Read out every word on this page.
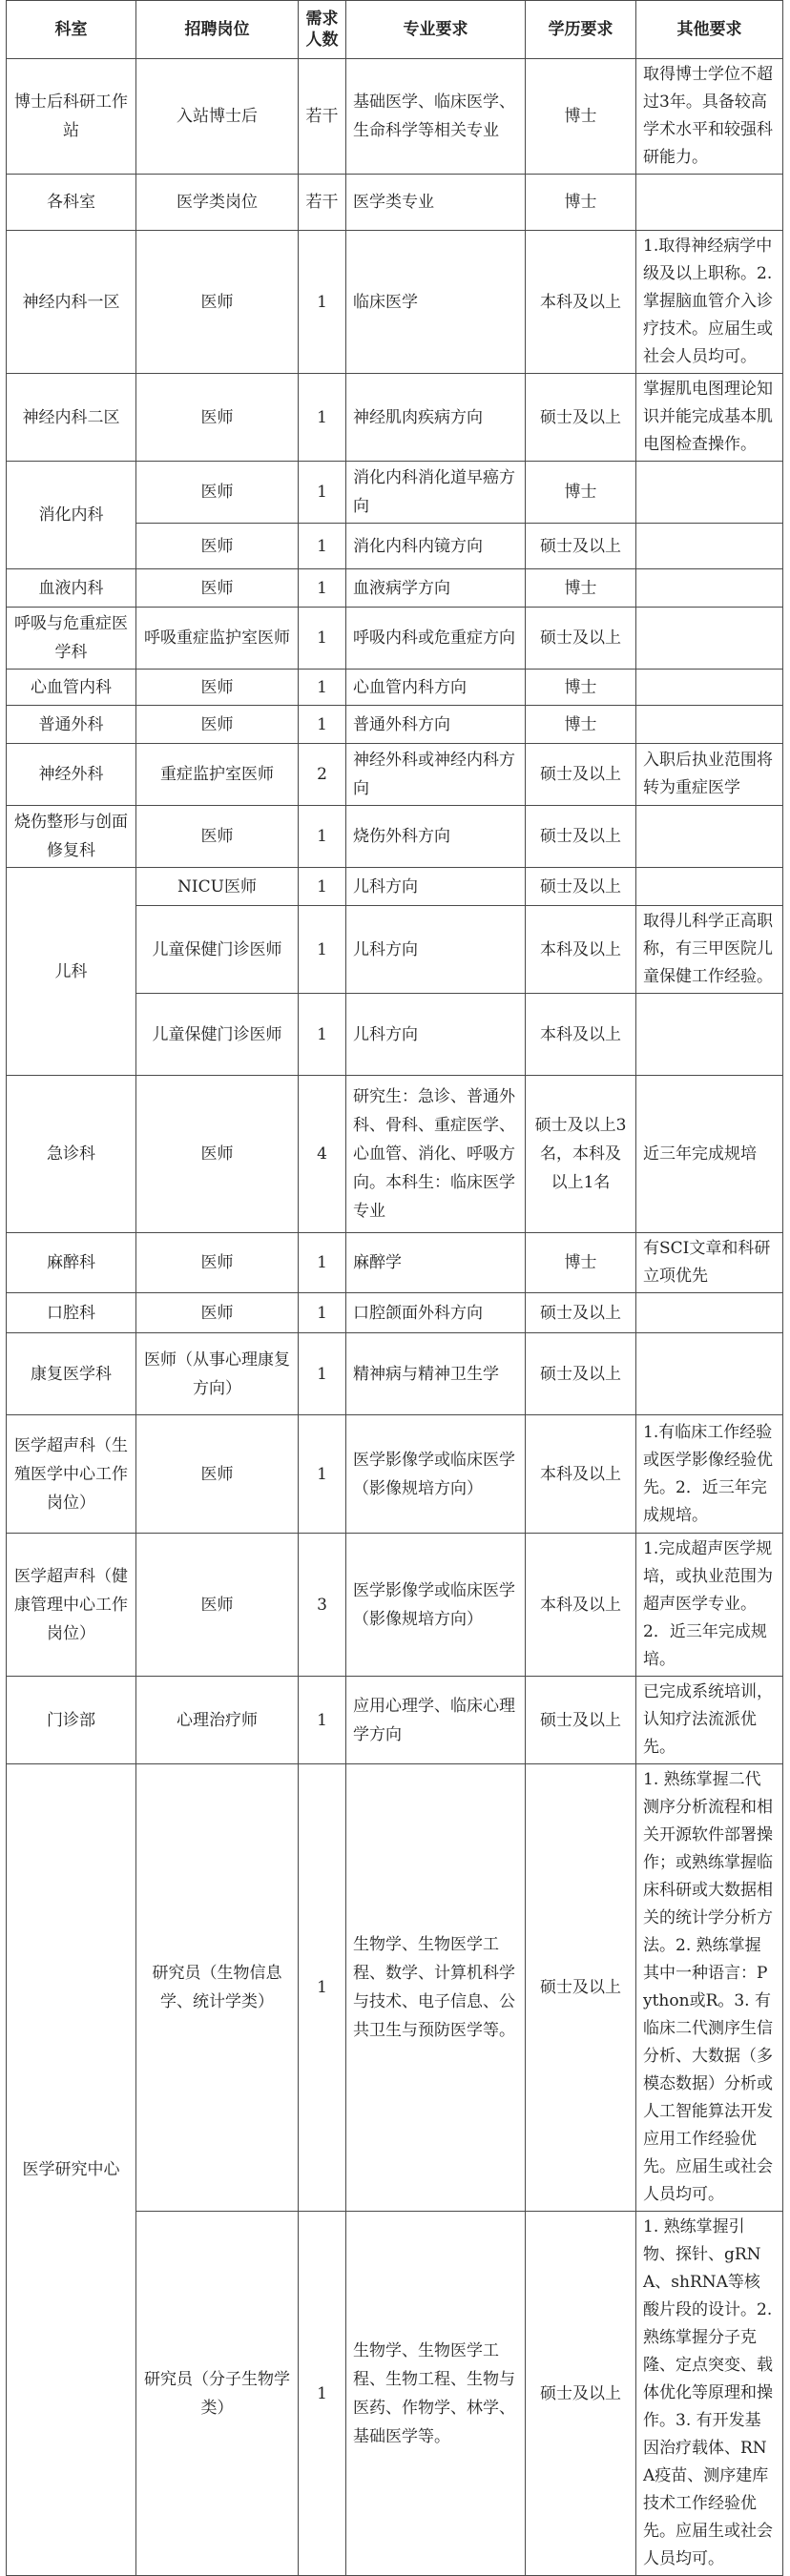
科室	招聘岗位	需求人数	专业要求	学历要求	其他要求
博士后科研工作站	入站博士后	若干	基础医学、临床医学、生命科学等相关专业	博士	取得博士学位不超过3年。具备较高学术水平和较强科研能力。
各科室	医学类岗位	若干	医学类专业	博士	
神经内科一区	医师	1	临床医学	本科及以上	1.取得神经病学中级及以上职称。2.掌握脑血管介入诊疗技术。应届生或社会人员均可。
神经内科二区	医师	1	神经肌肉疾病方向	硕士及以上	掌握肌电图理论知识并能完成基本肌电图检查操作。
消化内科	医师	1	消化内科消化道早癌方向	博士	
	医师	1	消化内科内镜方向	硕士及以上	
血液内科	医师	1	血液病学方向	博士	
呼吸与危重症医学科	呼吸重症监护室医师	1	呼吸内科或危重症方向	硕士及以上	
心血管内科	医师	1	心血管内科方向	博士	
普通外科	医师	1	普通外科方向	博士	
神经外科	重症监护室医师	2	神经外科或神经内科方向	硕士及以上	入职后执业范围将转为重症医学
烧伤整形与创面修复科	医师	1	烧伤外科方向	硕士及以上	
儿科	NICU医师	1	儿科方向	硕士及以上	
	儿童保健门诊医师	1	儿科方向	本科及以上	取得儿科学正高职称，有三甲医院儿童保健工作经验。
	儿童保健门诊医师	1	儿科方向	本科及以上	
急诊科	医师	4	研究生：急诊、普通外科、骨科、重症医学、心血管、消化、呼吸方向。本科生：临床医学专业	硕士及以上3名，本科及以上1名	近三年完成规培
麻醉科	医师	1	麻醉学	博士	有SCI文章和科研立项优先
口腔科	医师	1	口腔颌面外科方向	硕士及以上	
康复医学科	医师（从事心理康复方向）	1	精神病与精神卫生学	硕士及以上	
医学超声科（生殖医学中心工作岗位）	医师	1	医学影像学或临床医学（影像规培方向）	本科及以上	1.有临床工作经验或医学影像经验优先。2．近三年完成规培。
医学超声科（健康管理中心工作岗位）	医师	3	医学影像学或临床医学（影像规培方向）	本科及以上	1.完成超声医学规培，或执业范围为超声医学专业。2．近三年完成规培。
门诊部	心理治疗师	1	应用心理学、临床心理学方向	硕士及以上	已完成系统培训，认知疗法流派优先。
医学研究中心	研究员（生物信息学、统计学类）	1	生物学、生物医学工程、数学、计算机科学与技术、电子信息、公共卫生与预防医学等。	硕士及以上	1. 熟练掌握二代测序分析流程和相关开源软件部署操作；或熟练掌握临床科研或大数据相关的统计学分析方法。2. 熟练掌握其中一种语言：Python或R。3. 有临床二代测序生信分析、大数据（多模态数据）分析或人工智能算法开发应用工作经验优先。应届生或社会人员均可。
	研究员（分子生物学类）	1	生物学、生物医学工程、生物工程、生物与医药、作物学、林学、基础医学等。	硕士及以上	1. 熟练掌握引物、探针、gRNA、shRNA等核酸片段的设计。2. 熟练掌握分子克隆、定点突变、载体优化等原理和操作。3. 有开发基因治疗载体、RNA疫苗、测序建库技术工作经验优先。应届生或社会人员均可。
